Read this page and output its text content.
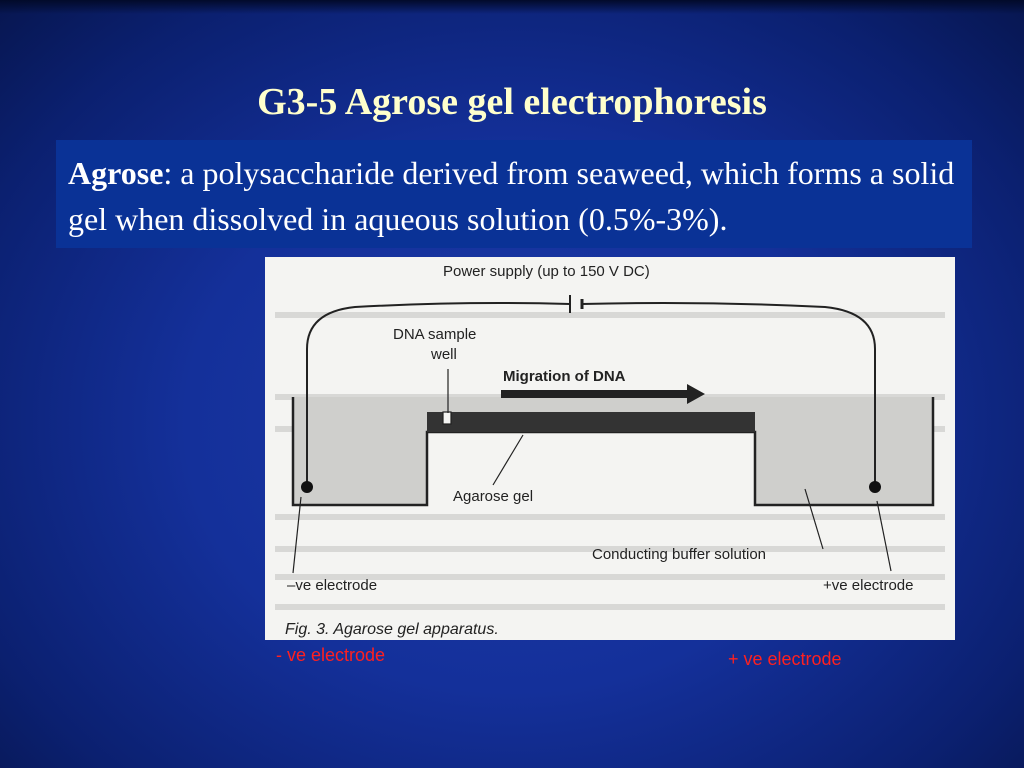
G3-5 Agrose gel electrophoresis

Agrose: a polysaccharide derived from seaweed, which forms a solid gel when dissolved in aqueous solution (0.5%-3%).

Power supply (up to 150 V DC)
DNA sample
well
Migration of DNA
Agarose gel
Conducting buffer solution
–ve electrode	+ve electrode
Fig. 3. Agarose gel apparatus.
- ve electrode	+ ve electrode
